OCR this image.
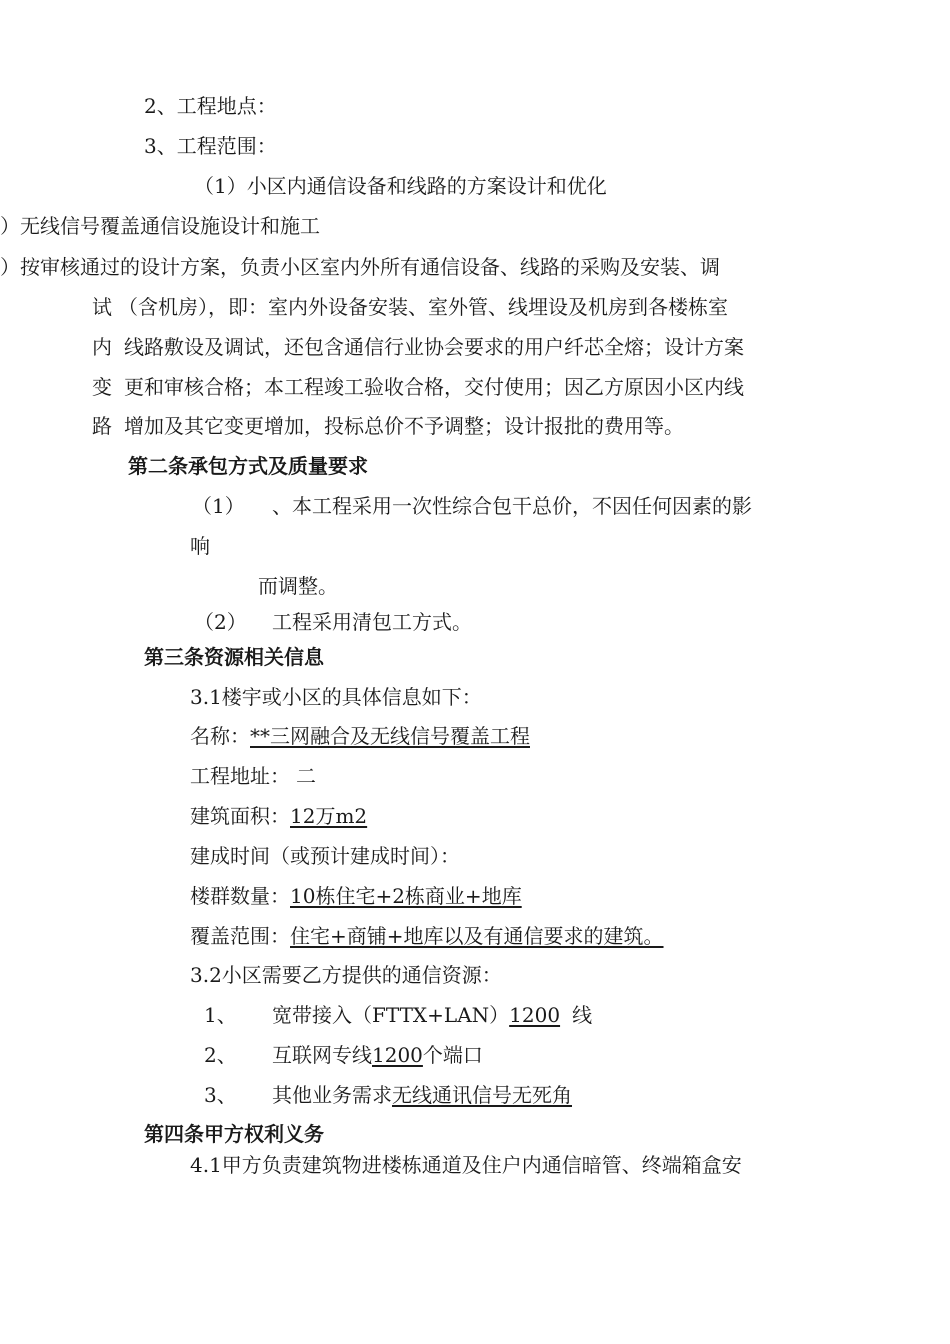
2、工程地点：
3、工程范围：
（1）小区内通信设备和线路的方案设计和优化
）无线信号覆盖通信设施设计和施工
）按审核通过的设计方案，负责小区室内外所有通信设备、线路的采购及安装、调
试 （含机房），即：室内外设备安装、室外管、线埋设及机房到各楼栋室
内 线路敷设及调试，还包含通信行业协会要求的用户纤芯全熔；设计方案
变 更和审核合格；本工程竣工验收合格，交付使用；因乙方原因小区内线
路 增加及其它变更增加，投标总价不予调整；设计报批的费用等。
第二条承包方式及质量要求
（1） 、本工程采用一次性综合包干总价，不因任何因素的影
响
而调整。
（2） 工程采用清包工方式。
第三条资源相关信息
3.1楼宇或小区的具体信息如下：
名称：**三网融合及无线信号覆盖工程
工程地址： 二
建筑面积：12万m2
建成时间（或预计建成时间）：
楼群数量：10栋住宅+2栋商业+地库
覆盖范围：住宅+商铺+地库以及有通信要求的建筑。
3.2小区需要乙方提供的通信资源：
1、 宽带接入（FTTX+LAN）1200 线
2、 互联网专线1200个端口
3、 其他业务需求无线通讯信号无死角
第四条甲方权利义务
4.1甲方负责建筑物进楼栋通道及住户内通信暗管、终端箱盒安
